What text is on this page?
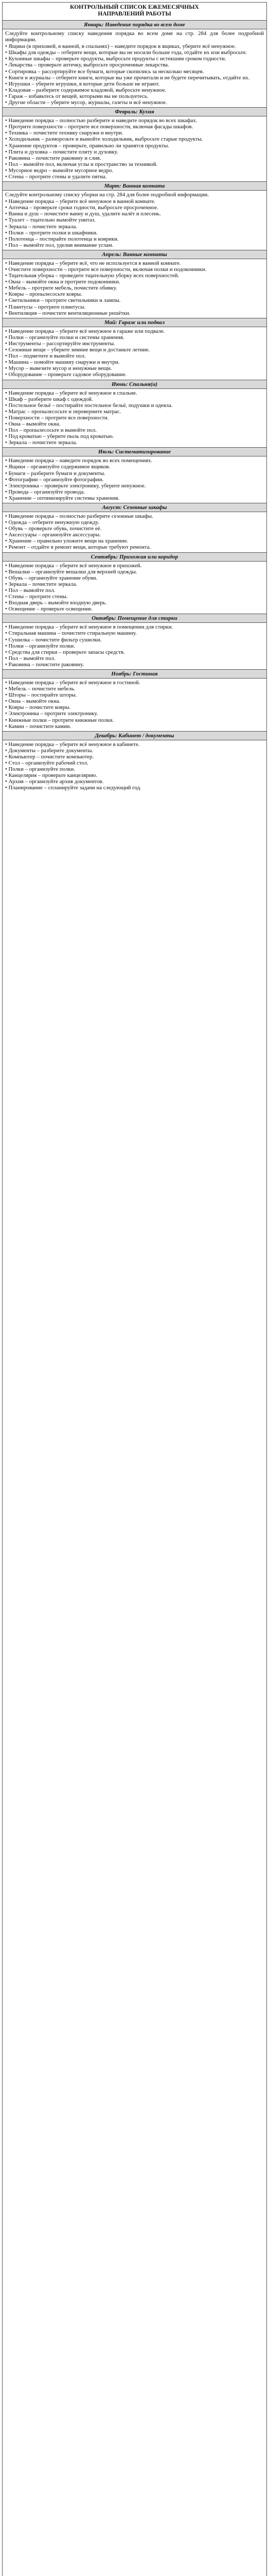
КОНТРОЛЬНЫЙ СПИСОК ЕЖЕМЕСЯЧНЫХ
НАПРАВЛЕНИЙ РАБОТЫ
Январь: Наведение порядка во всем доме

Следуйте контрольному списку наведения порядка во всем доме на стр. 284 для более подробной информации.

• Ящики (в прихожей, в ванной, в спальнях) – наведите порядок в ящиках, уберите всё ненужное.
• Шкафы для одежды – отберите вещи, которые вы не носили больше года, отдайте их или выбросьте.
• Кухонные шкафы – проверьте продукты, выбросьте продукты с истекшим сроком годности.
• Лекарства – проверьте аптечку, выбросьте просроченные лекарства.
• Сортировка – рассортируйте все бумаги, которые скопились за несколько месяцев.
• Книги и журналы – отберите книги, которые вы уже прочитали и не будете перечитывать, отдайте их.
• Игрушки – уберите игрушки, в которые дети больше не играют.
• Кладовая – разберите содержимое кладовой, выбросьте ненужное.
• Гараж – избавьтесь от вещей, которыми вы не пользуетесь.
• Другие области – уберите мусор, журналы, газеты и всё ненужное.
Февраль: Кухня
• Наведение порядка – полностью разберите и наведите порядок во всех шкафах.
• Протрите поверхности – протрите все поверхности, включая фасады шкафов.
• Техника – почистите технику снаружи и внутри.
• Холодильник – разморозьте и вымойте холодильник, выбросьте старые продукты.
• Хранение продуктов – проверьте, правильно ли хранятся продукты.
• Плита и духовка – почистите плиту и духовку.
• Раковина – почистите раковину и слив.
• Пол – вымойте пол, включая углы и пространство за техникой.
• Мусорное ведро – вымойте мусорное ведро.
• Стены – протрите стены и удалите пятна.
Март: Ванная комната

Следуйте контрольному списку уборки на стр. 284 для более подробной информации.

• Наведение порядка – уберите всё ненужное в ванной комнате.
• Аптечка – проверьте сроки годности, выбросьте просроченное.
• Ванна и душ – почистите ванну и душ, удалите налёт и плесень.
• Туалет – тщательно вымойте унитаз.
• Зеркала – почистите зеркала.
• Полки – протрите полки и шкафчики.
• Полотенца – постирайте полотенца и коврики.
• Пол – вымойте пол, уделив внимание углам.
Апрель: Ванные комнаты
• Наведение порядка – уберите всё, что не используется в ванной комнате.
• Очистите поверхности – протрите все поверхности, включая полки и подоконники.
• Тщательная уборка – проведите тщательную уборку всех поверхностей.
• Окна – вымойте окна и протрите подоконники.
• Мебель – протрите мебель, почистите обивку.
• Ковры – пропылесосьте ковры.
• Светильники – протрите светильники и лампы.
• Плинтусы – протрите плинтусы.
• Вентиляция – почистите вентиляционные решётки.
Май: Гараж или подвал
• Наведение порядка – уберите всё ненужное в гараже или подвале.
• Полки – организуйте полки и системы хранения.
• Инструменты – рассортируйте инструменты.
• Сезонные вещи – уберите зимние вещи и достаньте летние.
• Пол – подметите и вымойте пол.
• Машина – помойте машину снаружи и внутри.
• Мусор – вывезите мусор и ненужные вещи.
• Оборудование – проверьте садовое оборудование.
Июнь: Спальня(и)
• Наведение порядка – уберите всё ненужное в спальне.
• Шкаф – разберите шкаф с одеждой.
• Постельное бельё – постирайте постельное бельё, подушки и одеяла.
• Матрас – пропылесосьте и переверните матрас.
• Поверхности – протрите все поверхности.
• Окна – вымойте окна.
• Пол – пропылесосьте и вымойте пол.
• Под кроватью – уберите пыль под кроватью.
• Зеркала – почистите зеркала.
Июль: Систематизирование
• Наведение порядка – наведите порядок во всех помещениях.
• Ящики – организуйте содержимое ящиков.
• Бумаги – разберите бумаги и документы.
• Фотографии – организуйте фотографии.
• Электроника – проверьте электронику, уберите ненужное.
• Провода – организуйте провода.
• Хранение – оптимизируйте системы хранения.
Август: Сезонные шкафы
• Наведение порядка – полностью разберите сезонные шкафы.
• Одежда – отберите ненужную одежду.
• Обувь – проверьте обувь, почистите её.
• Аксессуары – организуйте аксессуары.
• Хранение – правильно уложите вещи на хранение.
• Ремонт – отдайте в ремонт вещи, которые требуют ремонта.
Сентябрь: Прихожая или коридор
• Наведение порядка – уберите всё ненужное в прихожей.
• Вешалки – организуйте вешалки для верхней одежды.
• Обувь – организуйте хранение обуви.
• Зеркала – почистите зеркала.
• Пол – вымойте пол.
• Стены – протрите стены.
• Входная дверь – вымойте входную дверь.
• Освещение – проверьте освещение.
Октябрь: Помещение для стирки
• Наведение порядка – уберите всё ненужное в помещении для стирки.
• Стиральная машина – почистите стиральную машину.
• Сушилка – почистите фильтр сушилки.
• Полки – организуйте полки.
• Средства для стирки – проверьте запасы средств.
• Пол – вымойте пол.
• Раковина – почистите раковину.
Ноябрь: Гостиная
• Наведение порядка – уберите всё ненужное в гостиной.
• Мебель – почистите мебель.
• Шторы – постирайте шторы.
• Окна – вымойте окна.
• Ковры – почистите ковры.
• Электроника – протрите электронику.
• Книжные полки – протрите книжные полки.
• Камин – почистите камин.
Декабрь: Кабинет / документы
• Наведение порядка – уберите всё ненужное в кабинете.
• Документы – разберите документы.
• Компьютер – почистите компьютер.
• Стол – организуйте рабочий стол.
• Полки – организуйте полки.
• Канцелярия – проверьте канцелярию.
• Архив – организуйте архив документов.
• Планирование – спланируйте задачи на следующий год.
